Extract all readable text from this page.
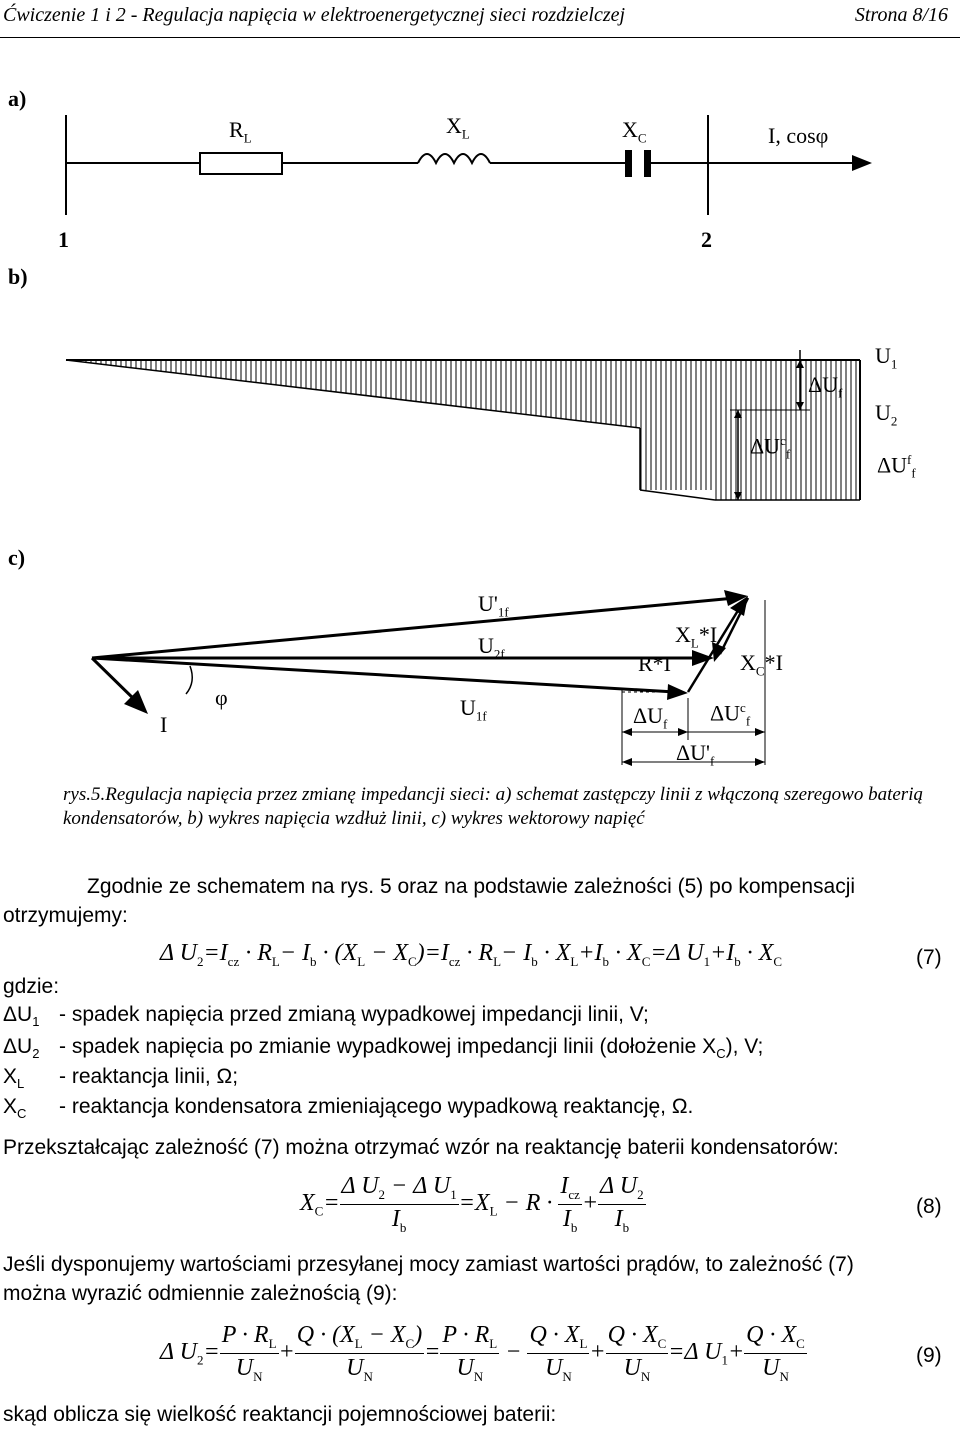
Ćwiczenie 1 i 2 - Regulacja napięcia w elektroenergetycznej sieci rozdzielczej	Strona 8/16
a)
$R_L$	$X_L$	$X_C$	I, cosφ
1	2
b)
$U_1$
$\Delta U_f$
$U_2$
$\Delta U^c_f$	$\Delta U^f_f$
c)
$U'_{1f}$
$U_{2f}$
$U_{1f}$
$X_L*I$
R*I	$X_C*I$
φ
I	$\Delta U_f$ $\Delta U^c_f$
$\Delta U'_f$
rys.5.Regulacja napięcia przez zmianę impedancji sieci: a) schemat zastępczy linii z włączoną szeregowo baterią kondensatorów, b) wykres napięcia wzdłuż linii, c) wykres wektorowy napięć
Zgodnie ze schematem na rys. 5 oraz na podstawie zależności (5) po kompensacji
otrzymujemy:
Δ $U_2=I_{cz} \cdot R_L- I_b \cdot (X_L - X_C)=I_{cz} \cdot R_L- I_b \cdot X_L+I_b \cdot X_C=\Delta$ $U_1+I_b \cdot X_C$	(7)
gdzie:
$\Delta U_1$ - spadek napięcia przed zmianą wypadkowej impedancji linii, V;
$\Delta U_2$ - spadek napięcia po zmianie wypadkowej impedancji linii (dołożenie $X_C$), V;
$X_L$ - reaktancja linii, Ω;
$X_C$ - reaktancja kondensatora zmieniającego wypadkową reaktancję, Ω.
Przekształcając zależność (7) można otrzymać wzór na reaktancję baterii kondensatorów:
$X_C= \frac{\Delta U_2 - \Delta U_1}{I_b} =X_L - R \cdot \frac{I_{cz}}{I_b} + \frac{\Delta U_2}{I_b}$	(8)
Jeśli dysponujemy wartościami przesyłanej mocy zamiast wartości prądów, to zależność (7)
można wyrazić odmiennie zależnością (9):
Δ $U_2= \frac{P \cdot R_L}{U_N} + \frac{Q \cdot (X_L - X_C)}{U_N} = \frac{P \cdot R_L}{U_N} - \frac{Q \cdot X_L}{U_N} + \frac{Q \cdot X_C}{U_N} =\Delta$ $U_1+ \frac{Q \cdot X_C}{U_N}$	(9)
skąd oblicza się wielkość reaktancji pojemnościowej baterii:
